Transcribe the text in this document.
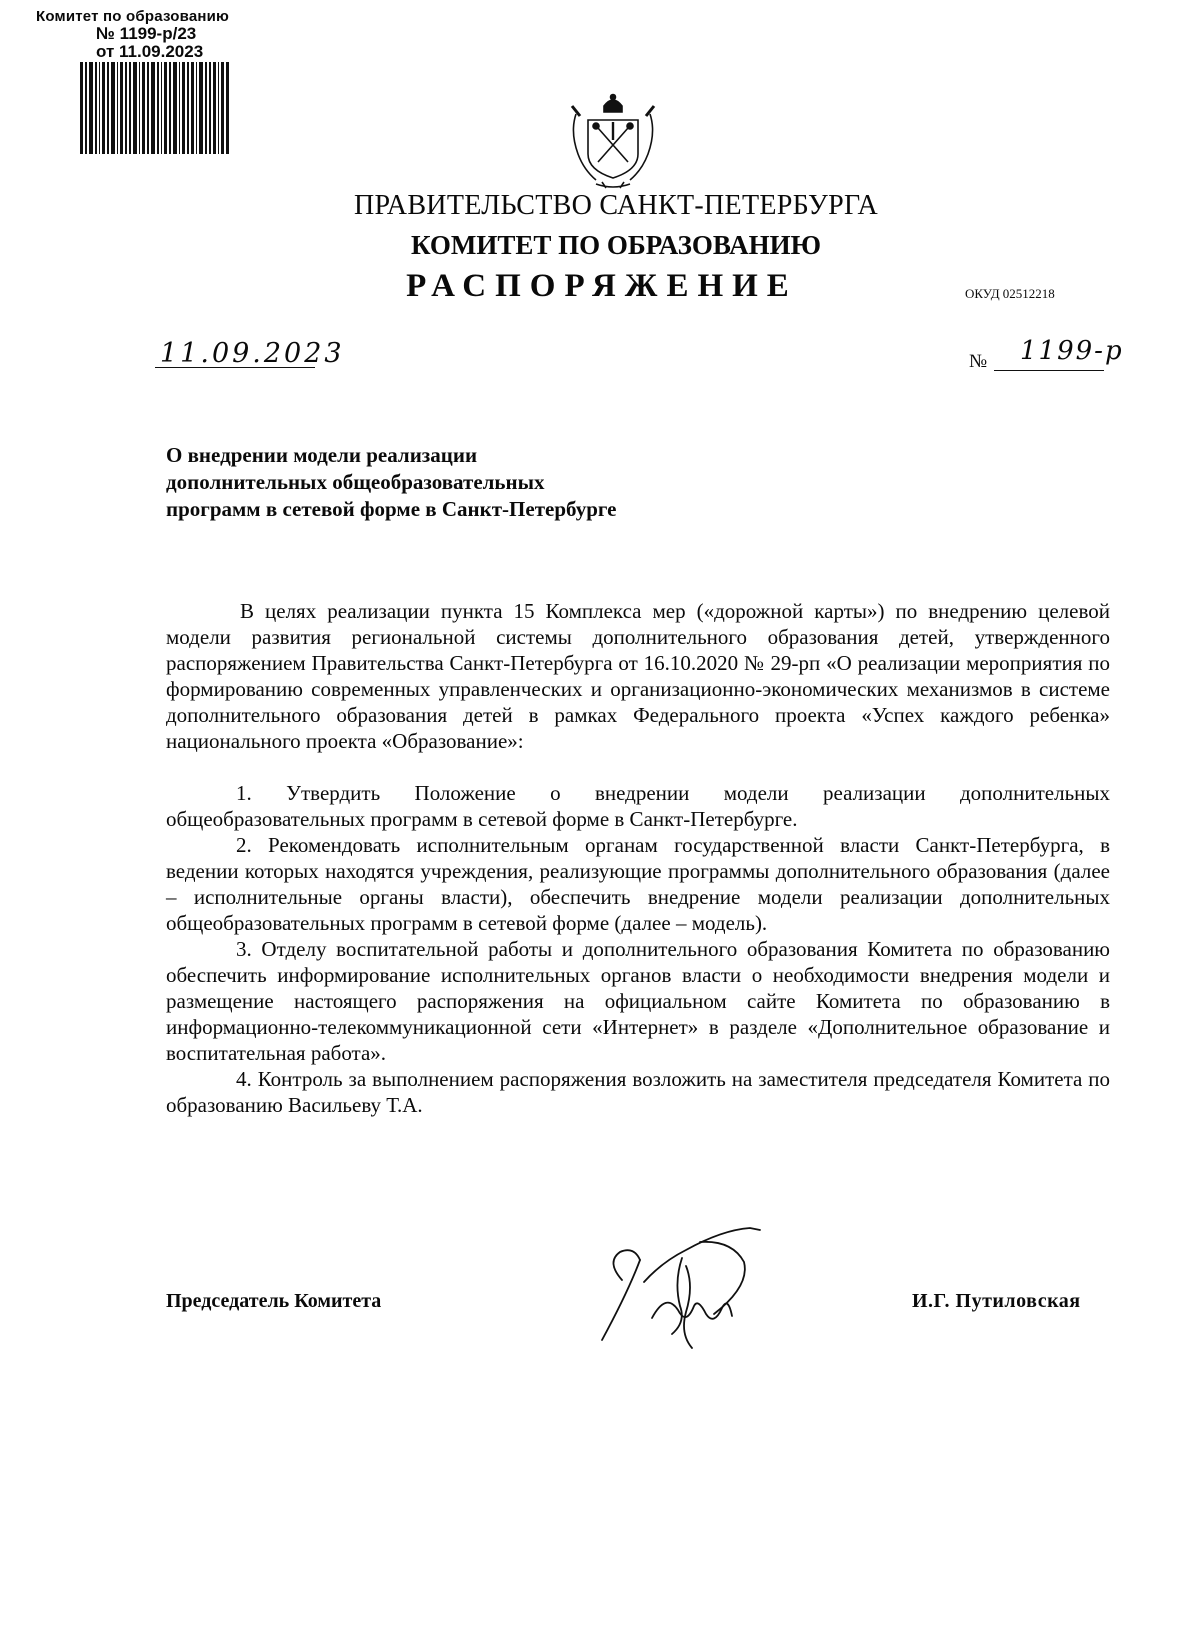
Комитет по образованию
№ 1199-р/23
от 11.09.2023
ПРАВИТЕЛЬСТВО САНКТ-ПЕТЕРБУРГА
КОМИТЕТ ПО ОБРАЗОВАНИЮ
РАСПОРЯЖЕНИЕ	ОКУД 02512218
11.09.2023	№ 1199-р
О внедрении модели реализации
дополнительных общеобразовательных
программ в сетевой форме в Санкт-Петербурге

В целях реализации пункта 15 Комплекса мер («дорожной карты») по внедрению целевой модели развития региональной системы дополнительного образования детей, утвержденного распоряжением Правительства Санкт-Петербурга от 16.10.2020 № 29-рп «О реализации мероприятия по формированию современных управленческих и организационно-экономических механизмов в системе дополнительного образования детей в рамках Федерального проекта «Успех каждого ребенка» национального проекта «Образование»:

1. Утвердить Положение о внедрении модели реализации дополнительных общеобразовательных программ в сетевой форме в Санкт-Петербурге.

2. Рекомендовать исполнительным органам государственной власти Санкт-Петербурга, в ведении которых находятся учреждения, реализующие программы дополнительного образования (далее – исполнительные органы власти), обеспечить внедрение модели реализации дополнительных общеобразовательных программ в сетевой форме (далее – модель).

3. Отделу воспитательной работы и дополнительного образования Комитета по образованию обеспечить информирование исполнительных органов власти о необходимости внедрения модели и размещение настоящего распоряжения на официальном сайте Комитета по образованию в информационно-телекоммуникационной сети «Интернет» в разделе «Дополнительное образование и воспитательная работа».

4. Контроль за выполнением распоряжения возложить на заместителя председателя Комитета по образованию Васильеву Т.А.

Председатель Комитета	И.Г. Путиловская
